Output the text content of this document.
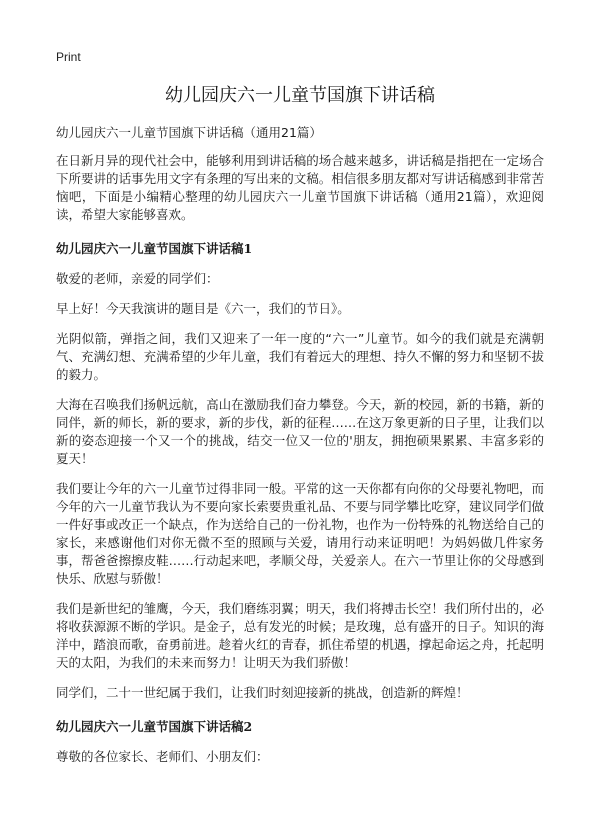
Print
幼儿园庆六一儿童节国旗下讲话稿
幼儿园庆六一儿童节国旗下讲话稿（通用21篇）

在日新月异的现代社会中，能够利用到讲话稿的场合越来越多，讲话稿是指把在一定场合下所要讲的话事先用文字有条理的写出来的文稿。相信很多朋友都对写讲话稿感到非常苦恼吧，下面是小编精心整理的幼儿园庆六一儿童节国旗下讲话稿（通用21篇），欢迎阅读，希望大家能够喜欢。

幼儿园庆六一儿童节国旗下讲话稿1

敬爱的老师，亲爱的同学们：

早上好！今天我演讲的题目是《六一，我们的节日》。

光阴似箭，弹指之间，我们又迎来了一年一度的“六一”儿童节。如今的我们就是充满朝气、充满幻想、充满希望的少年儿童，我们有着远大的理想、持久不懈的努力和坚韧不拔的毅力。

大海在召唤我们扬帆远航，高山在激励我们奋力攀登。今天，新的校园，新的书籍，新的同伴，新的师长，新的要求，新的步伐，新的征程……在这万象更新的日子里，让我们以新的姿态迎接一个又一个的挑战，结交一位又一位的'朋友，拥抱硕果累累、丰富多彩的夏天！

我们要让今年的六一儿童节过得非同一般。平常的这一天你都有向你的父母要礼物吧，而今年的六一儿童节我认为不要向家长索要贵重礼品、不要与同学攀比吃穿，建议同学们做一件好事或改正一个缺点，作为送给自己的一份礼物，也作为一份特殊的礼物送给自己的家长，来感谢他们对你无微不至的照顾与关爱，请用行动来证明吧！为妈妈做几件家务事，帮爸爸擦擦皮鞋……行动起来吧，孝顺父母，关爱亲人。在六一节里让你的父母感到快乐、欣慰与骄傲！

我们是新世纪的雏鹰，今天，我们磨练羽翼；明天，我们将搏击长空！我们所付出的，必将收获源源不断的学识。是金子，总有发光的时候；是玫瑰，总有盛开的日子。知识的海洋中，踏浪而歌，奋勇前进。趁着火红的青春，抓住希望的机遇，撑起命运之舟，托起明天的太阳，为我们的未来而努力！让明天为我们骄傲！

同学们，二十一世纪属于我们，让我们时刻迎接新的挑战，创造新的辉煌！

幼儿园庆六一儿童节国旗下讲话稿2

尊敬的各位家长、老师们、小朋友们：
